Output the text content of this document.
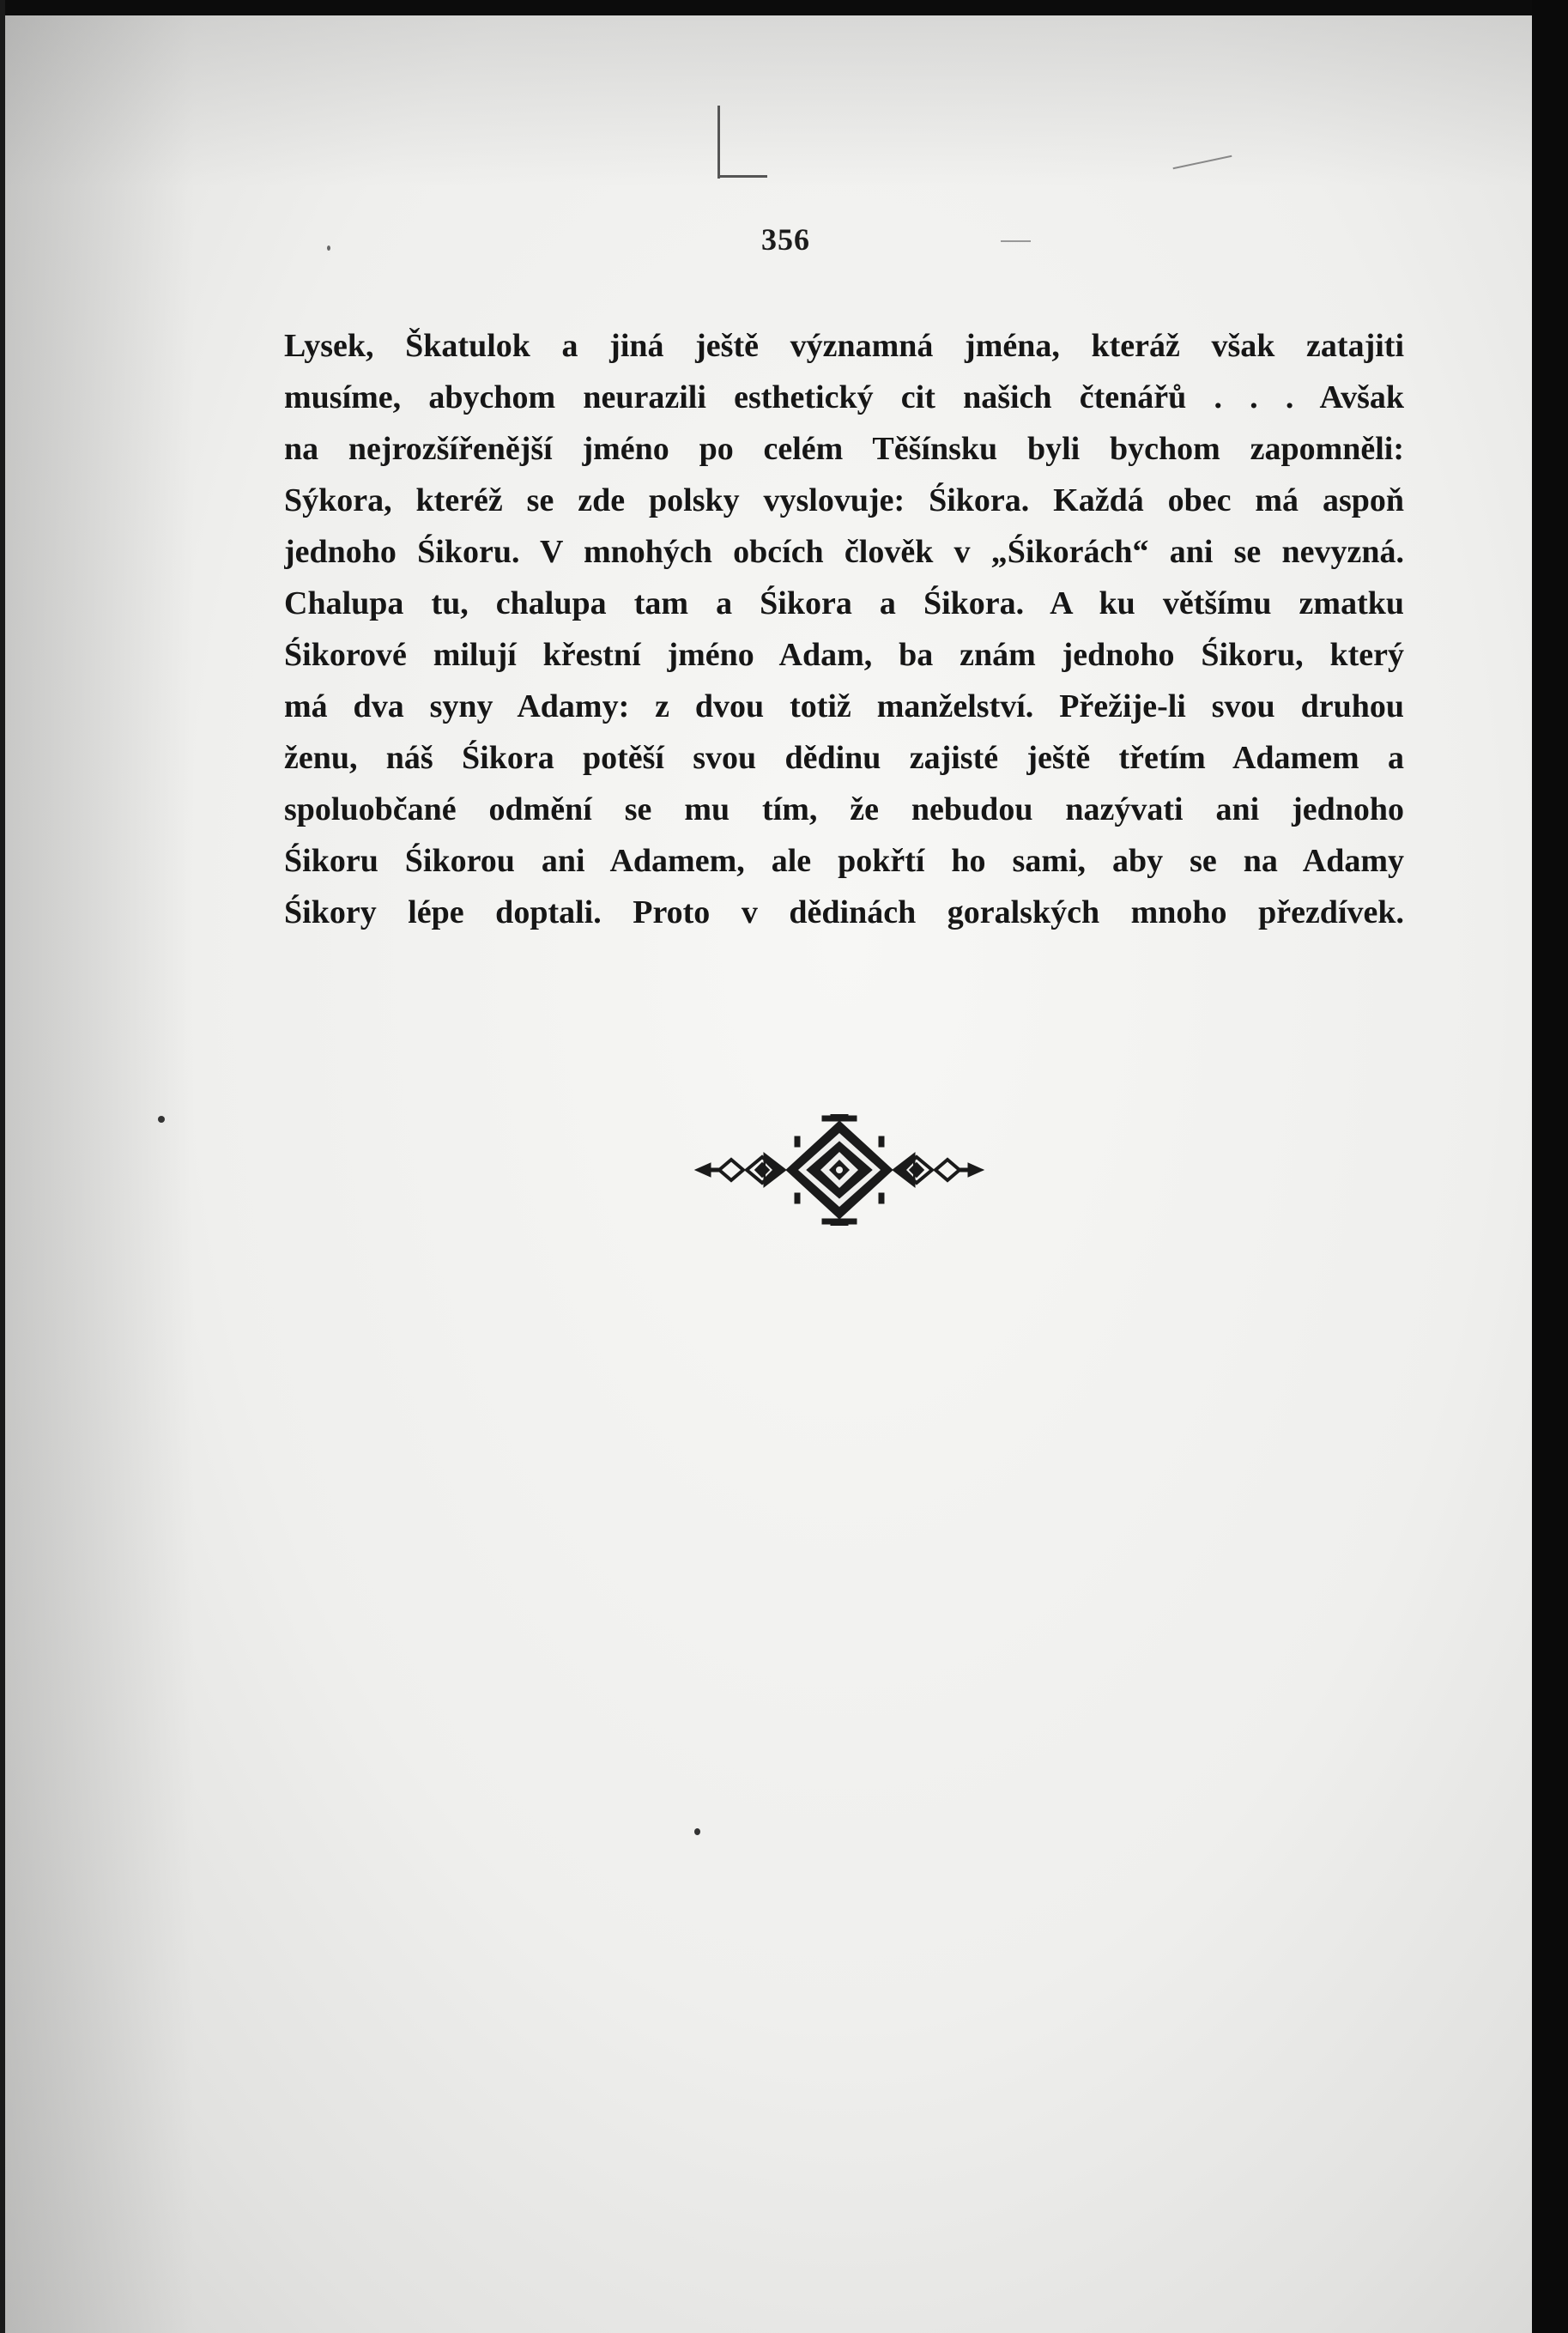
356
Lysek, Škatulok a jiná ještě významná jména, kteráž však zatajiti
musíme, abychom neurazili esthetický cit našich čtenářů . . . Avšak
na nejrozšířenější jméno po celém Těšínsku byli bychom zapomněli:
Sýkora, kteréž se zde polsky vyslovuje: Śikora. Každá obec má aspoň
jednoho Śikoru. V mnohých obcích člověk v „Śikorách“ ani se nevyzná.
Chalupa tu, chalupa tam a Śikora a Śikora. A ku většímu zmatku
Śikorové milují křestní jméno Adam, ba znám jednoho Śikoru, který
má dva syny Adamy: z dvou totiž manželství. Přežije-li svou druhou
ženu, náš Śikora potěší svou dědinu zajisté ještě třetím Adamem a
spoluobčané odmění se mu tím, že nebudou nazývati ani jednoho
Śikoru Śikorou ani Adamem, ale pokřtí ho sami, aby se na Adamy
Śikory lépe doptali. Proto v dědinách goralských mnoho přezdívek.
